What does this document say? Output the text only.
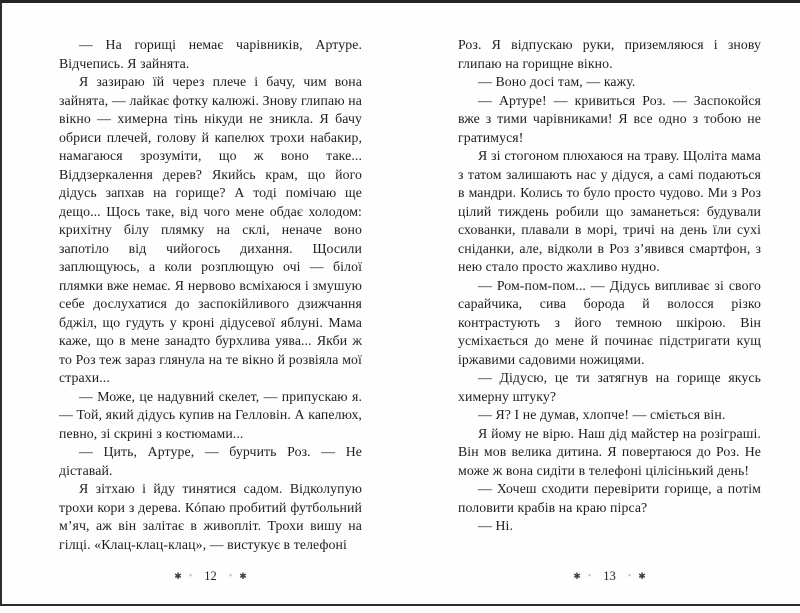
— На горищі немає чарівників, Артуре. Відчепись. Я зайнята.

Я зазираю їй через плече і бачу, чим вона зайнята, — лайкає фотку калюжі. Знову глипаю на вікно — химерна тінь нікуди не зникла. Я бачу обриси плечей, голову й капелюх трохи набакир, намагаюся зрозуміти, що ж воно таке... Віддзеркалення дерев? Якийсь крам, що його дідусь запхав на горище? А тоді помічаю ще дещо... Щось таке, від чого мене обдає холодом: крихітну білу плямку на склі, неначе воно запотіло від чийогось дихання. Щосили заплющуюсь, а коли розплющую очі — білої плямки вже немає. Я нервово всміхаюся і змушую себе дослухатися до заспокійливого дзижчання бджіл, що гудуть у кроні дідусевої яблуні. Мама каже, що в мене занадто бурхлива уява... Якби ж то Роз теж зараз глянула на те вікно й розвіяла мої страхи...

— Може, це надувний скелет, — припускаю я. — Той, який дідусь купив на Гелловін. А капелюх, певно, зі скрині з костюмами...

— Цить, Артуре, — бурчить Роз. — Не діставай.

Я зітхаю і йду тинятися садом. Відколупую трохи кори з дерева. Кóпаю пробитий футбольний м’яч, аж він залітає в живопліт. Трохи вишу на гілці. «Клац-клац-клац», — вистукує в телефоні

✱ • 12 • ✱

Роз. Я відпускаю руки, приземляюся і знову глипаю на горищне вікно.

— Воно досі там, — кажу.

— Артуре! — кривиться Роз. — Заспокойся вже з тими чарівниками! Я все одно з тобою не гратимуся!

Я зі стогоном плюхаюся на траву. Щоліта мама з татом залишають нас у дідуся, а самі подаються в мандри. Колись то було просто чудово. Ми з Роз цілий тиждень робили що заманеться: будували схованки, плавали в морі, тричі на день їли сухі сніданки, але, відколи в Роз з’явився смартфон, з нею стало просто жахливо нудно.

— Ром-пом-пом... — Дідусь випливає зі свого сарайчика, сива борода й волосся різко контрастують з його темною шкірою. Він усміхається до мене й починає підстригати кущ іржавими садовими ножицями.

— Дідусю, це ти затягнув на горище якусь химерну штуку?

— Я? І не думав, хлопче! — сміється він.

Я йому не вірю. Наш дід майстер на розіграші. Він мов велика дитина. Я повертаюся до Роз. Не може ж вона сидіти в телефоні цілісінький день!

— Хочеш сходити перевірити горище, а потім половити крабів на краю пірса?

— Ні.

✱ • 13 • ✱
